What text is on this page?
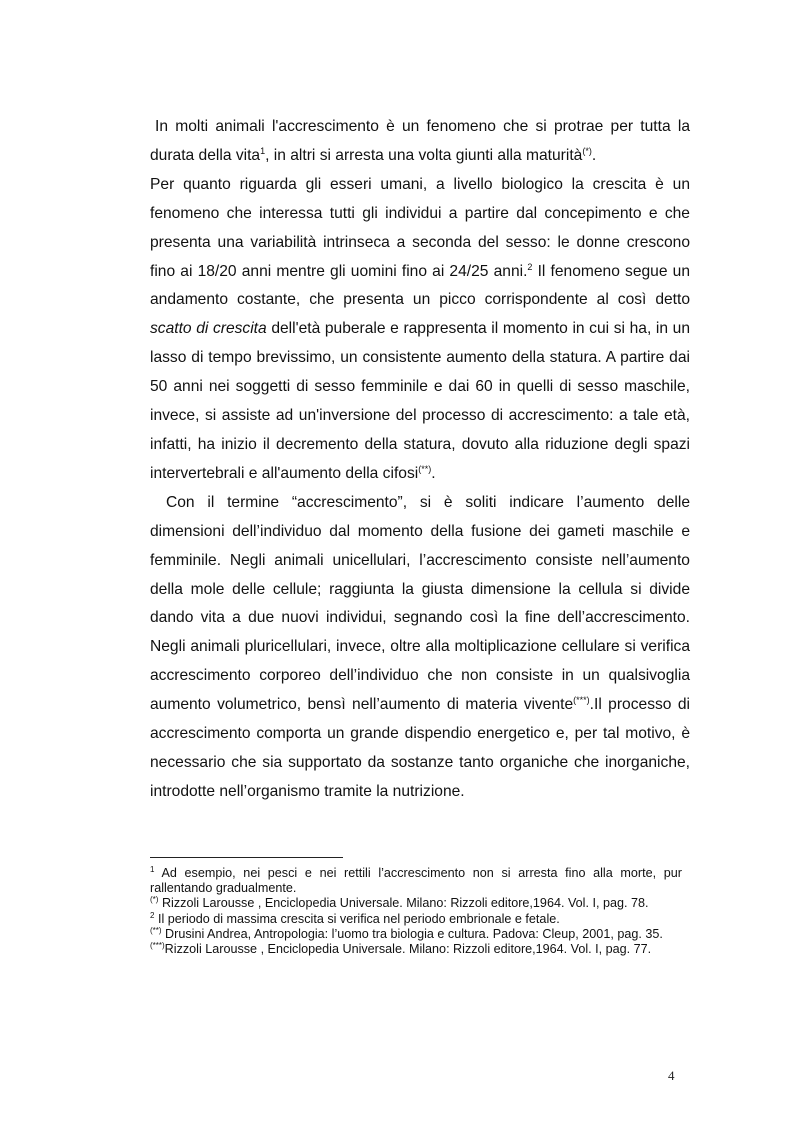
In molti animali l'accrescimento è un fenomeno che si protrae per tutta la durata della vita$^1$, in altri si arresta una volta giunti alla maturità(*).

Per quanto riguarda gli esseri umani, a livello biologico la crescita è un fenomeno che interessa tutti gli individui a partire dal concepimento e che presenta una variabilità intrinseca a seconda del sesso: le donne crescono fino ai 18/20 anni mentre gli uomini fino ai 24/25 anni.$^2$ Il fenomeno segue un andamento costante, che presenta un picco corrispondente al così detto scatto di crescita dell'età puberale e rappresenta il momento in cui si ha, in un lasso di tempo brevissimo, un consistente aumento della statura. A partire dai 50 anni nei soggetti di sesso femminile e dai 60 in quelli di sesso maschile, invece, si assiste ad un'inversione del processo di accrescimento: a tale età, infatti, ha inizio il decremento della statura, dovuto alla riduzione degli spazi intervertebrali e all'aumento della cifosi(**).

Con il termine “accrescimento”, si è soliti indicare l’aumento delle dimensioni dell’individuo dal momento della fusione dei gameti maschile e femminile. Negli animali unicellulari, l’accrescimento consiste nell’aumento della mole delle cellule; raggiunta la giusta dimensione la cellula si divide dando vita a due nuovi individui, segnando così la fine dell’accrescimento. Negli animali pluricellulari, invece, oltre alla moltiplicazione cellulare si verifica accrescimento corporeo dell’individuo che non consiste in un qualsivoglia aumento volumetrico, bensì nell’aumento di materia vivente(***).Il processo di accrescimento comporta un grande dispendio energetico e, per tal motivo, è necessario che sia supportato da sostanze tanto organiche che inorganiche, introdotte nell’organismo tramite la nutrizione.

$^1$ Ad esempio, nei pesci e nei rettili l’accrescimento non si arresta fino alla morte, pur rallentando gradualmente.

(*) Rizzoli Larousse , Enciclopedia Universale. Milano: Rizzoli editore,1964. Vol. I, pag. 78.

$^2$ Il periodo di massima crescita si verifica nel periodo embrionale e fetale.

(**) Drusini Andrea, Antropologia: l’uomo tra biologia e cultura. Padova: Cleup, 2001, pag. 35.

(***)Rizzoli Larousse , Enciclopedia Universale. Milano: Rizzoli editore,1964. Vol. I, pag. 77.

4
